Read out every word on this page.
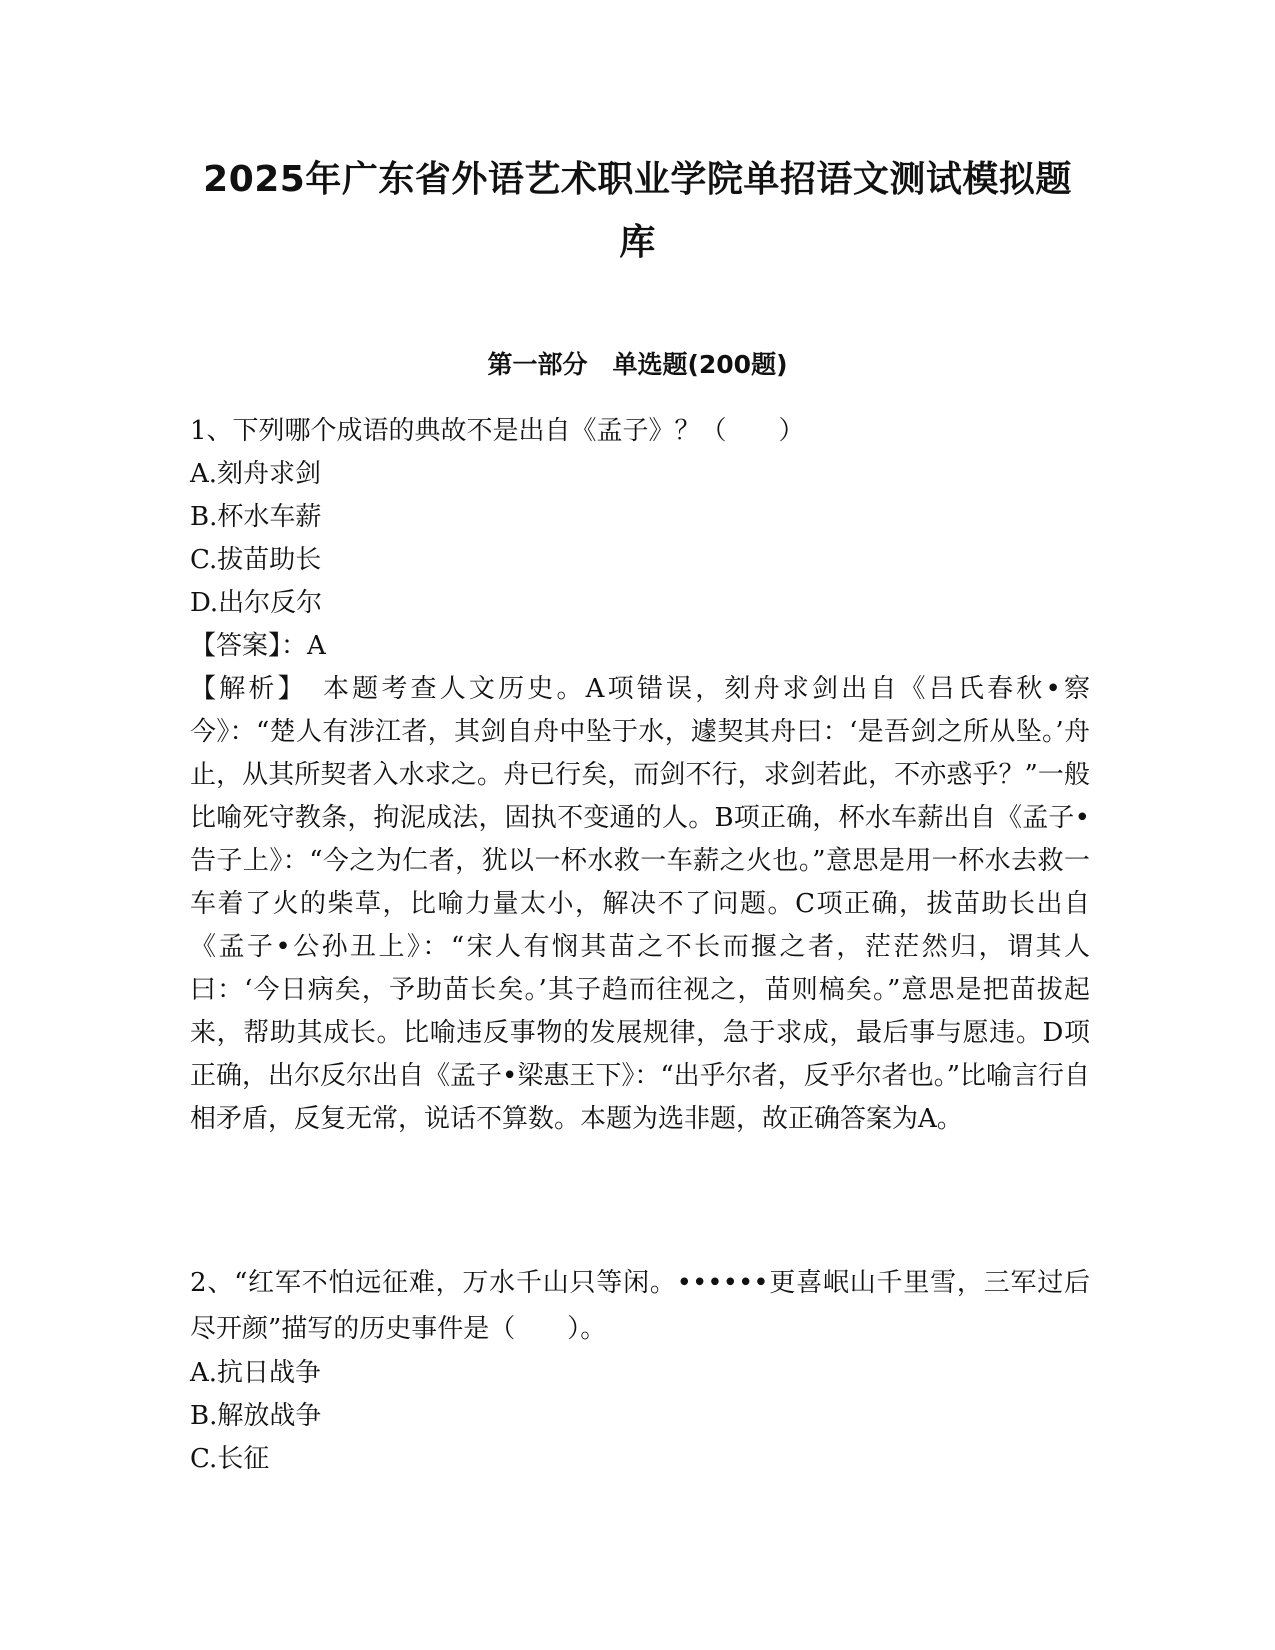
2025年广东省外语艺术职业学院单招语文测试模拟题
库
第一部分　单选题(200题)

1、下列哪个成语的典故不是出自《孟子》？（　　）

A.刻舟求剑

B.杯水车薪

C.拔苗助长

D.出尔反尔

【答案】：A

【解析】　本题考查人文历史。A项错误，刻舟求剑出自《吕氏春秋•察今》：“楚人有涉江者，其剑自舟中坠于水，遽契其舟曰：‘是吾剑之所从坠。’舟止，从其所契者入水求之。舟已行矣，而剑不行，求剑若此，不亦惑乎？”一般比喻死守教条，拘泥成法，固执不变通的人。B项正确，杯水车薪出自《孟子•告子上》：“今之为仁者，犹以一杯水救一车薪之火也。”意思是用一杯水去救一车着了火的柴草，比喻力量太小，解决不了问题。C项正确，拔苗助长出自《孟子•公孙丑上》：“宋人有悯其苗之不长而揠之者，茫茫然归，谓其人曰：‘今日病矣，予助苗长矣。’其子趋而往视之，苗则槁矣。”意思是把苗拔起来，帮助其成长。比喻违反事物的发展规律，急于求成，最后事与愿违。D项正确，出尔反尔出自《孟子•梁惠王下》：“出乎尔者，反乎尔者也。”比喻言行自相矛盾，反复无常，说话不算数。本题为选非题，故正确答案为A。

2、“红军不怕远征难，万水千山只等闲。••••••更喜岷山千里雪，三军过后尽开颜”描写的历史事件是（　　）。

A.抗日战争

B.解放战争

C.长征
